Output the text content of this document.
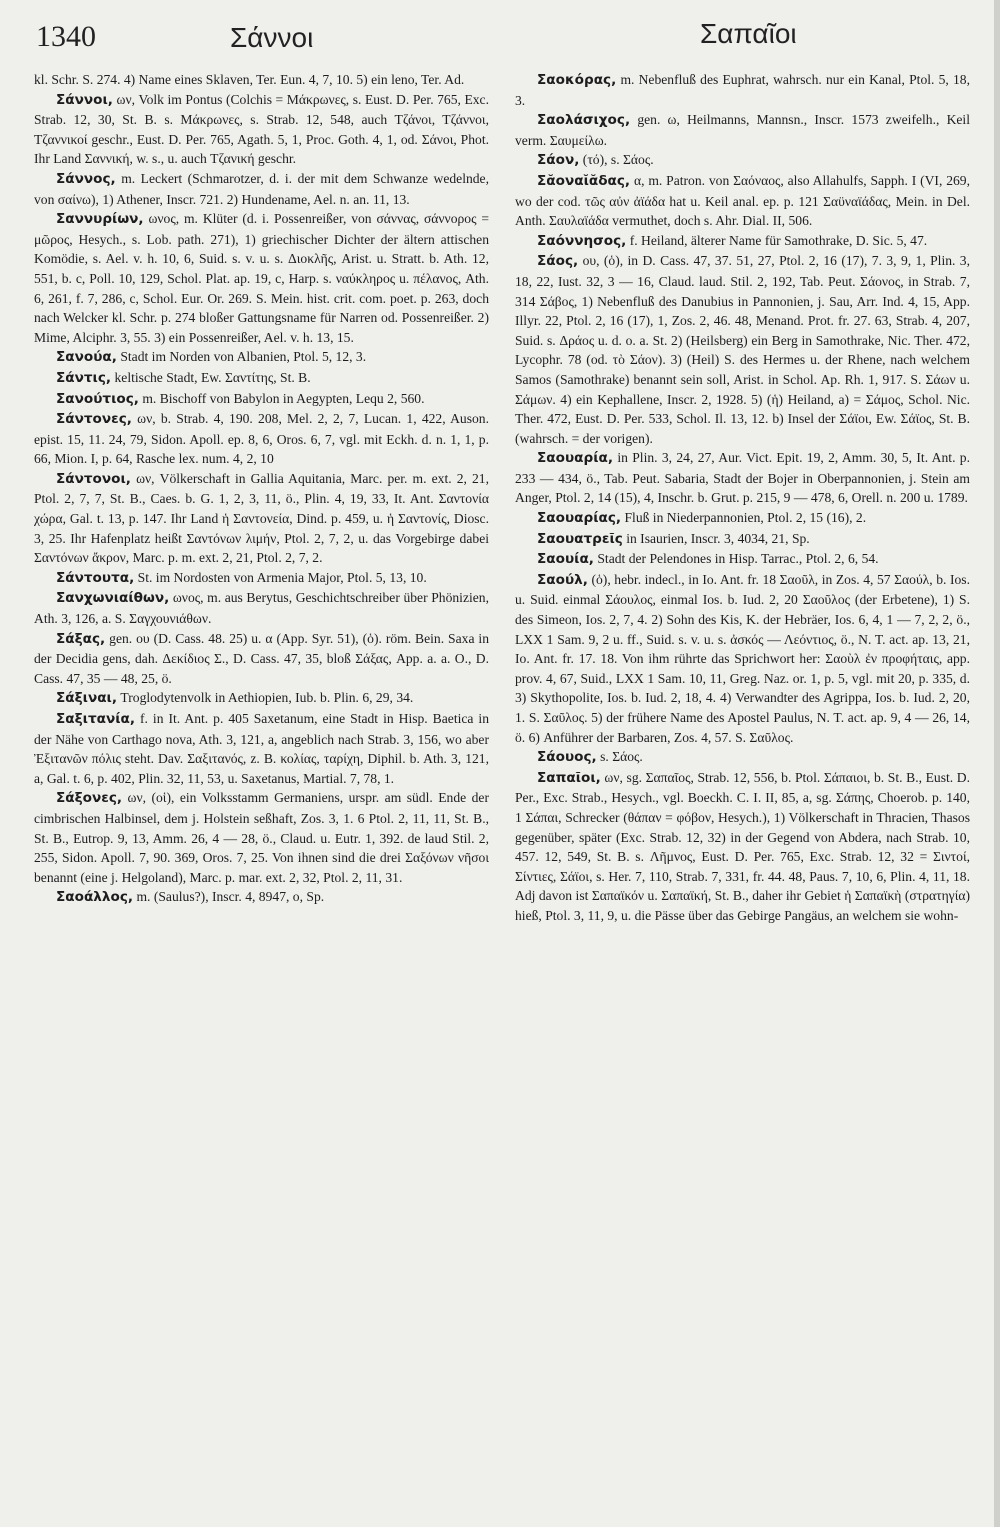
1340	Σάννοι	Σαπαῖοι

kl. Schr. S. 274. 4) Name eines Sklaven, Ter. Eun. 4, 7, 10. 5) ein leno, Ter. Ad.

Σάννοι, ων, Volk im Pontus (Colchis = Μάκρωνες, s. Eust. D. Per. 765, Exc. Strab. 12, 30, St. B. s. Μάκρωνες, s. Strab. 12, 548, auch Τζάνοι, Τζάννοι, Τζαννικοί geschr., Eust. D. Per. 765, Agath. 5, 1, Proc. Goth. 4, 1, od. Σάνοι, Phot. Ihr Land Σαννική, w. s., u. auch Τζανική geschr.

Σάννος, m. Leckert (Schmarotzer, d. i. der mit dem Schwanze wedelnde, von σαίνω), 1) Athener, Inscr. 721. 2) Hundename, Ael. n. an. 11, 13.

Σαννυρίων, ωνος, m. Klüter (d. i. Possenreißer, von σάννας, σάννορος = μῶρος, Hesych., s. Lob. path. 271), 1) griechischer Dichter der ältern attischen Komödie, s. Ael. v. h. 10, 6, Suid. s. v. u. s. Διοκλῆς, Arist. u. Stratt. b. Ath. 12, 551, b. c, Poll. 10, 129, Schol. Plat. ap. 19, c, Harp. s. ναύκληρος u. πέλανος, Ath. 6, 261, f. 7, 286, c, Schol. Eur. Or. 269. S. Mein. hist. crit. com. poet. p. 263, doch nach Welcker kl. Schr. p. 274 bloßer Gattungsname für Narren od. Possenreißer. 2) Mime, Alciphr. 3, 55. 3) ein Possenreißer, Ael. v. h. 13, 15.

Σανούα, Stadt im Norden von Albanien, Ptol. 5, 12, 3.

Σάντις, keltische Stadt, Ew. Σαντίτης, St. B.

Σανούτιος, m. Bischoff von Babylon in Aegypten, Lequ 2, 560.

Σάντονες, ων, b. Strab. 4, 190. 208, Mel. 2, 2, 7, Lucan. 1, 422, Auson. epist. 15, 11. 24, 79, Sidon. Apoll. ep. 8, 6, Oros. 6, 7, vgl. mit Eckh. d. n. 1, 1, p. 66, Mion. I, p. 64, Rasche lex. num. 4, 2, 10

Σάντονοι, ων, Völkerschaft in Gallia Aquitania, Marc. per. m. ext. 2, 21, Ptol. 2, 7, 7, St. B., Caes. b. G. 1, 2, 3, 11, ö., Plin. 4, 19, 33, It. Ant. Σαντονία χώρα, Gal. t. 13, p. 147. Ihr Land ἡ Σαντονεία, Dind. p. 459, u. ἡ Σαντονίς, Diosc. 3, 25. Ihr Hafenplatz heißt Σαντόνων λιμήν, Ptol. 2, 7, 2, u. das Vorgebirge dabei Σαντόνων ἄκρον, Marc. p. m. ext. 2, 21, Ptol. 2, 7, 2.

Σάντουτα, St. im Nordosten von Armenia Major, Ptol. 5, 13, 10.

Σανχωνιαίθων, ωνος, m. aus Berytus, Geschichtschreiber über Phönizien, Ath. 3, 126, a. S. Σαγχουνιάθων.

Σάξας, gen. ου (D. Cass. 48. 25) u. α (App. Syr. 51), (ὁ). röm. Bein. Saxa in der Decidia gens, dah. Δεκίδιος Σ., D. Cass. 47, 35, bloß Σάξας, App. a. a. O., D. Cass. 47, 35 — 48, 25, ö.

Σάξιναι, Troglodytenvolk in Aethiopien, Iub. b. Plin. 6, 29, 34.

Σαξιτανία, f. in It. Ant. p. 405 Saxetanum, eine Stadt in Hisp. Baetica in der Nähe von Carthago nova, Ath. 3, 121, a, angeblich nach Strab. 3, 156, wo aber Ἐξιτανῶν πόλις steht. Dav. Σαξιτανός, z. B. κολίας, ταρίχη, Diphil. b. Ath. 3, 121, a, Gal. t. 6, p. 402, Plin. 32, 11, 53, u. Saxetanus, Martial. 7, 78, 1.

Σάξονες, ων, (οἱ), ein Volksstamm Germaniens, urspr. am südl. Ende der cimbrischen Halbinsel, dem j. Holstein seßhaft, Zos. 3, 1. 6 Ptol. 2, 11, 11, St. B., St. B., Eutrop. 9, 13, Amm. 26, 4 — 28, ö., Claud. u. Eutr. 1, 392. de laud Stil. 2, 255, Sidon. Apoll. 7, 90. 369, Oros. 7, 25. Von ihnen sind die drei Σαξόνων νῆσοι benannt (eine j. Helgoland), Marc. p. mar. ext. 2, 32, Ptol. 2, 11, 31.

Σαοάλλος, m. (Saulus?), Inscr. 4, 8947, o, Sp.

Σαοκόρας, m. Nebenfluß des Euphrat, wahrsch. nur ein Kanal, Ptol. 5, 18, 3.

Σαολάσιχος, gen. ω, Heilmanns, Mannsn., Inscr. 1573 zweifelh., Keil verm. Σαυμείλω.

Σάον, (τό), s. Σάος.

Σᾰοναῐᾰδας, α, m. Patron. von Σαόναος, also Allahulfs, Sapph. I (VI, 269, wo der cod. τῶς αὐν ἀϊάδα hat u. Keil anal. ep. p. 121 Σαϋναϊάδας, Mein. in Del. Anth. Σαυλαϊάδα vermuthet, doch s. Ahr. Dial. II, 506.

Σαόννησος, f. Heiland, älterer Name für Samothrake, D. Sic. 5, 47.

Σάος, ου, (ὁ), in D. Cass. 47, 37. 51, 27, Ptol. 2, 16 (17), 7. 3, 9, 1, Plin. 3, 18, 22, Iust. 32, 3 — 16, Claud. laud. Stil. 2, 192, Tab. Peut. Σάονος, in Strab. 7, 314 Σάβος, 1) Nebenfluß des Danubius in Pannonien, j. Sau, Arr. Ind. 4, 15, App. Illyr. 22, Ptol. 2, 16 (17), 1, Zos. 2, 46. 48, Menand. Prot. fr. 27. 63, Strab. 4, 207, Suid. s. Δράος u. d. o. a. St. 2) (Heilsberg) ein Berg in Samothrake, Nic. Ther. 472, Lycophr. 78 (od. τὸ Σάον). 3) (Heil) S. des Hermes u. der Rhene, nach welchem Samos (Samothrake) benannt sein soll, Arist. in Schol. Ap. Rh. 1, 917. S. Σάων u. Σάμων. 4) ein Kephallene, Inscr. 2, 1928. 5) (ἡ) Heiland, a) = Σάμος, Schol. Nic. Ther. 472, Eust. D. Per. 533, Schol. Il. 13, 12. b) Insel der Σάϊοι, Ew. Σάϊος, St. B. (wahrsch. = der vorigen).

Σαουαρία, in Plin. 3, 24, 27, Aur. Vict. Epit. 19, 2, Amm. 30, 5, It. Ant. p. 233 — 434, ö., Tab. Peut. Sabaria, Stadt der Bojer in Oberpannonien, j. Stein am Anger, Ptol. 2, 14 (15), 4, Inschr. b. Grut. p. 215, 9 — 478, 6, Orell. n. 200 u. 1789.

Σαουαρίας, Fluß in Niederpannonien, Ptol. 2, 15 (16), 2.

Σαουατρεῖς in Isaurien, Inscr. 3, 4034, 21, Sp.

Σαουία, Stadt der Pelendones in Hisp. Tarrac., Ptol. 2, 6, 54.

Σαούλ, (ὁ), hebr. indecl., in Io. Ant. fr. 18 Σαοῦλ, in Zos. 4, 57 Σαούλ, b. Ios. u. Suid. einmal Σάουλος, einmal Ios. b. Iud. 2, 20 Σαοῦλος (der Erbetene), 1) S. des Simeon, Ios. 2, 7, 4. 2) Sohn des Kis, K. der Hebräer, Ios. 6, 4, 1 — 7, 2, 2, ö., LXX 1 Sam. 9, 2 u. ff., Suid. s. v. u. s. ἀσκός — Λεόντιος, ö., N. T. act. ap. 13, 21, Io. Ant. fr. 17. 18. Von ihm rührte das Sprichwort her: Σαοὺλ ἐν προφήταις, app. prov. 4, 67, Suid., LXX 1 Sam. 10, 11, Greg. Naz. or. 1, p. 5, vgl. mit 20, p. 335, d. 3) Skythopolite, Ios. b. Iud. 2, 18, 4. 4) Verwandter des Agrippa, Ios. b. Iud. 2, 20, 1. S. Σαῦλος. 5) der frühere Name des Apostel Paulus, N. T. act. ap. 9, 4 — 26, 14, ö. 6) Anführer der Barbaren, Zos. 4, 57. S. Σαῦλος.

Σάουος, s. Σάος.

Σαπαῖοι, ων, sg. Σαπαῖος, Strab. 12, 556, b. Ptol. Σάπαιοι, b. St. B., Eust. D. Per., Exc. Strab., Hesych., vgl. Boeckh. C. I. II, 85, a, sg. Σάπης, Choerob. p. 140, 1 Σάπαι, Schrecker (θάπαν = φόβον, Hesych.), 1) Völkerschaft in Thracien, Thasos gegenüber, später (Exc. Strab. 12, 32) in der Gegend von Abdera, nach Strab. 10, 457. 12, 549, St. B. s. Λῆμνος, Eust. D. Per. 765, Exc. Strab. 12, 32 = Σιντοί, Σίντιες, Σάϊοι, s. Her. 7, 110, Strab. 7, 331, fr. 44. 48, Paus. 7, 10, 6, Plin. 4, 11, 18. Adj davon ist Σαπαϊκόν u. Σαπαϊκή, St. B., daher ihr Gebiet ἡ Σαπαϊκὴ (στρατηγία) hieß, Ptol. 3, 11, 9, u. die Pässe über das Gebirge Pangäus, an welchem sie wohn-
